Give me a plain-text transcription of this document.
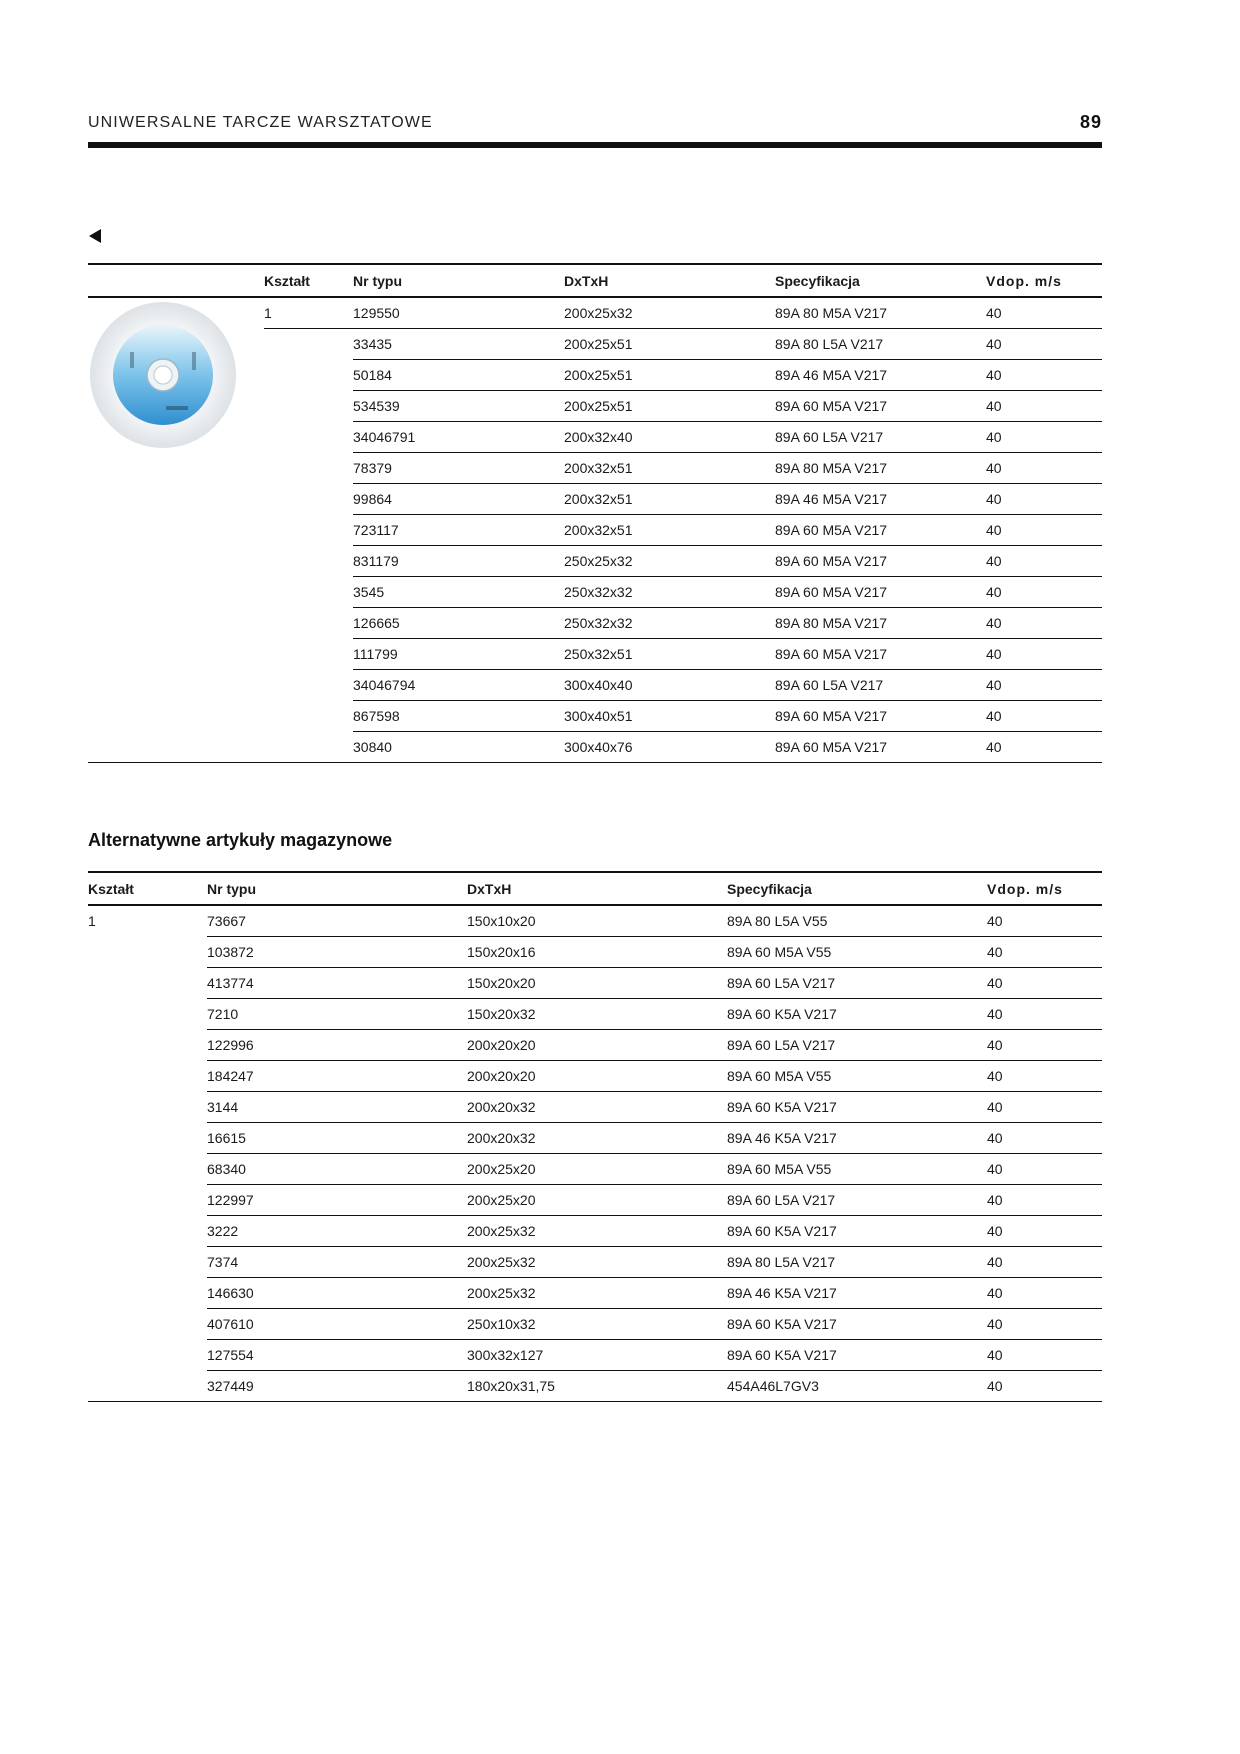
UNIWERSALNE TARCZE WARSZTATOWE	89
	Kształt	Nr typu	DxTxH	Specyfikacja	Vdop. m/s
	1	129550	200x25x32	89A 80 M5A V217	40
		33435	200x25x51	89A 80 L5A V217	40
		50184	200x25x51	89A 46 M5A V217	40
		534539	200x25x51	89A 60 M5A V217	40
		34046791	200x32x40	89A 60 L5A V217	40
		78379	200x32x51	89A 80 M5A V217	40
		99864	200x32x51	89A 46 M5A V217	40
		723117	200x32x51	89A 60 M5A V217	40
		831179	250x25x32	89A 60 M5A V217	40
		3545	250x32x32	89A 60 M5A V217	40
		126665	250x32x32	89A 80 M5A V217	40
		111799	250x32x51	89A 60 M5A V217	40
		34046794	300x40x40	89A 60 L5A V217	40
		867598	300x40x51	89A 60 M5A V217	40
		30840	300x40x76	89A 60 M5A V217	40
Alternatywne artykuły magazynowe
Kształt	Nr typu	DxTxH	Specyfikacja	Vdop. m/s
1	73667	150x10x20	89A 80 L5A V55	40
	103872	150x20x16	89A 60 M5A V55	40
	413774	150x20x20	89A 60 L5A V217	40
	7210	150x20x32	89A 60 K5A V217	40
	122996	200x20x20	89A 60 L5A V217	40
	184247	200x20x20	89A 60 M5A V55	40
	3144	200x20x32	89A 60 K5A V217	40
	16615	200x20x32	89A 46 K5A V217	40
	68340	200x25x20	89A 60 M5A V55	40
	122997	200x25x20	89A 60 L5A V217	40
	3222	200x25x32	89A 60 K5A V217	40
	7374	200x25x32	89A 80 L5A V217	40
	146630	200x25x32	89A 46 K5A V217	40
	407610	250x10x32	89A 60 K5A V217	40
	127554	300x32x127	89A 60 K5A V217	40
	327449	180x20x31,75	454A46L7GV3	40
